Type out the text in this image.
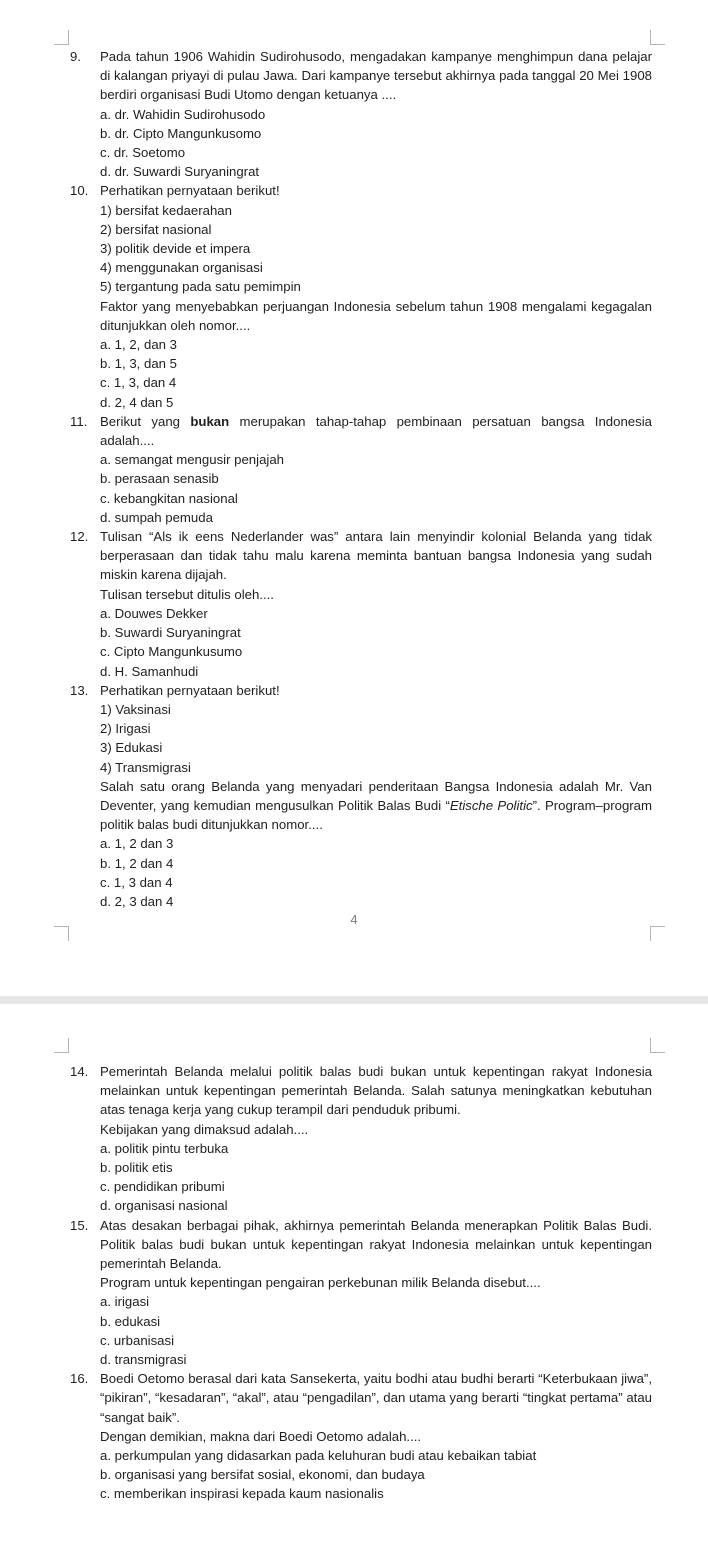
9.	Pada tahun 1906 Wahidin Sudirohusodo, mengadakan kampanye menghimpun dana pelajar di kalangan priyayi di pulau Jawa. Dari kampanye tersebut akhirnya pada tanggal 20 Mei 1908 berdiri organisasi Budi Utomo dengan ketuanya ....
a. dr. Wahidin Sudirohusodo
b. dr. Cipto Mangunkusomo
c. dr. Soetomo
d. dr. Suwardi Suryaningrat
10. Perhatikan pernyataan berikut!
1) bersifat kedaerahan
2) bersifat nasional
3) politik devide et impera
4) menggunakan organisasi
5) tergantung pada satu pemimpin
Faktor yang menyebabkan perjuangan Indonesia sebelum tahun 1908 mengalami kegagalan ditunjukkan oleh nomor....
a. 1, 2, dan 3
b. 1, 3, dan 5
c. 1, 3, dan 4
d. 2, 4 dan 5
11. Berikut yang bukan merupakan tahap-tahap pembinaan persatuan bangsa Indonesia adalah....
a. semangat mengusir penjajah
b. perasaan senasib
c. kebangkitan nasional
d. sumpah pemuda
12. Tulisan “Als ik eens Nederlander was” antara lain menyindir kolonial Belanda yang tidak berperasaan dan tidak tahu malu karena meminta bantuan bangsa Indonesia yang sudah miskin karena dijajah.
Tulisan tersebut ditulis oleh....
a. Douwes Dekker
b. Suwardi Suryaningrat
c. Cipto Mangunkusumo
d. H. Samanhudi
13. Perhatikan pernyataan berikut!
1) Vaksinasi
2) Irigasi
3) Edukasi
4) Transmigrasi
Salah satu orang Belanda yang menyadari penderitaan Bangsa Indonesia adalah Mr. Van Deventer, yang kemudian mengusulkan Politik Balas Budi “Etische Politic”. Program–program politik balas budi ditunjukkan nomor....
a. 1, 2 dan 3
b. 1, 2 dan 4
c. 1, 3 dan 4
d. 2, 3 dan 4
4
14. Pemerintah Belanda melalui politik balas budi bukan untuk kepentingan rakyat Indonesia melainkan untuk kepentingan pemerintah Belanda. Salah satunya meningkatkan kebutuhan atas tenaga kerja yang cukup terampil dari penduduk pribumi.
Kebijakan yang dimaksud adalah....
a. politik pintu terbuka
b. politik etis
c. pendidikan pribumi
d. organisasi nasional
15. Atas desakan berbagai pihak, akhirnya pemerintah Belanda menerapkan Politik Balas Budi. Politik balas budi bukan untuk kepentingan rakyat Indonesia melainkan untuk kepentingan pemerintah Belanda.
Program untuk kepentingan pengairan perkebunan milik Belanda disebut....
a. irigasi
b. edukasi
c. urbanisasi
d. transmigrasi
16. Boedi Oetomo berasal dari kata Sansekerta, yaitu bodhi atau budhi berarti “Keterbukaan jiwa”, “pikiran”, “kesadaran”, “akal”, atau “pengadilan”, dan utama yang berarti “tingkat pertama” atau “sangat baik”.
Dengan demikian, makna dari Boedi Oetomo adalah....
a. perkumpulan yang didasarkan pada keluhuran budi atau kebaikan tabiat
b. organisasi yang bersifat sosial, ekonomi, dan budaya
c. memberikan inspirasi kepada kaum nasionalis
